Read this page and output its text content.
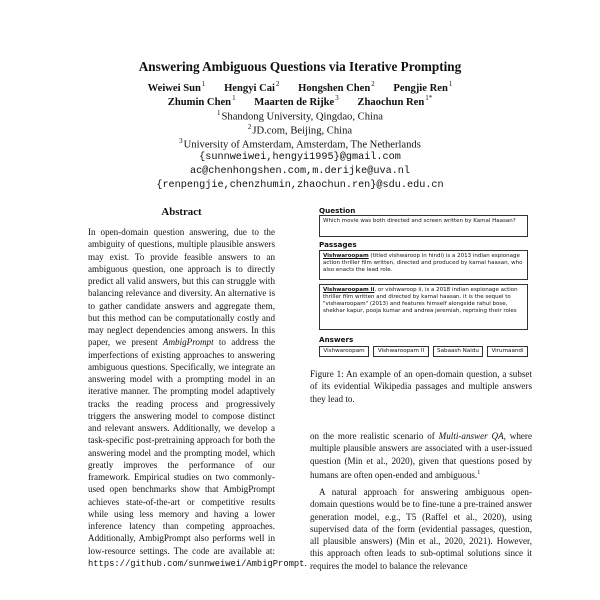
Answering Ambiguous Questions via Iterative Prompting
Weiwei Sun$^1$ Hengyi Cai$^2$ Hongshen Chen$^2$ Pengjie Ren$^1$
Zhumin Chen$^1$ Maarten de Rijke$^3$ Zhaochun Ren$^{1*}$
$^1$Shandong University, Qingdao, China
$^2$JD.com, Beijing, China
$^3$University of Amsterdam, Amsterdam, The Netherlands
{sunnweiwei,hengyi1995}@gmail.com
ac@chenhongshen.com,m.derijke@uva.nl
{renpengjie,chenzhumin,zhaochun.ren}@sdu.edu.cn
Abstract
In open-domain question answering, due to the ambiguity of questions, multiple plausible answers may exist. To provide feasible answers to an ambiguous question, one approach is to directly predict all valid answers, but this can struggle with balancing relevance and diversity. An alternative is to gather candidate answers and aggregate them, but this method can be computationally costly and may neglect dependencies among answers. In this paper, we present AmbigPrompt to address the imperfections of existing approaches to answering ambiguous questions. Specifically, we integrate an answering model with a prompting model in an iterative manner. The prompting model adaptively tracks the reading process and progressively triggers the answering model to compose distinct and relevant answers. Additionally, we develop a task-specific post-pretraining approach for both the answering model and the prompting model, which greatly improves the performance of our framework. Empirical studies on two commonly-used open benchmarks show that AmbigPrompt achieves state-of-the-art or competitive results while using less memory and having a lower inference latency than competing approaches. Additionally, AmbigPrompt also performs well in low-resource settings. The code are available at: https://github.com/sunnweiwei/AmbigPrompt.
Question
Which movie was both directed and screen written by Kamal Haasan?
Passages
Vishwaroopam (titled vishwaroop in hindi) is a 2013 indian espionage action thriller film written, directed and produced by kamal haasan, who also enacts the lead role.
Vishwaroopam ii, or vishwaroop ii, is a 2018 indian espionage action thriller film written and directed by kamal haasan. it is the sequel to "vishwaroopam" (2013) and features himself alongside rahul bose, shekhar kapur, pooja kumar and andrea jeremiah, reprising their roles
Answers
Vishwaroopam	Vishwaroopam II	Sabaash Naidu	Virumaandi
Figure 1: An example of an open-domain question, a subset of its evidential Wikipedia passages and multiple answers they lead to.

on the more realistic scenario of Multi-answer QA, where multiple plausible answers are associated with a user-issued question (Min et al., 2020), given that questions posed by humans are often open-ended and ambiguous.$^1$

A natural approach for answering ambiguous open-domain questions would be to fine-tune a pre-trained answer generation model, e.g., T5 (Raffel et al., 2020), using supervised data of the form (evidential passages, question, all plausible answers) (Min et al., 2020, 2021). However, this approach often leads to sub-optimal solutions since it requires the model to balance the relevance
